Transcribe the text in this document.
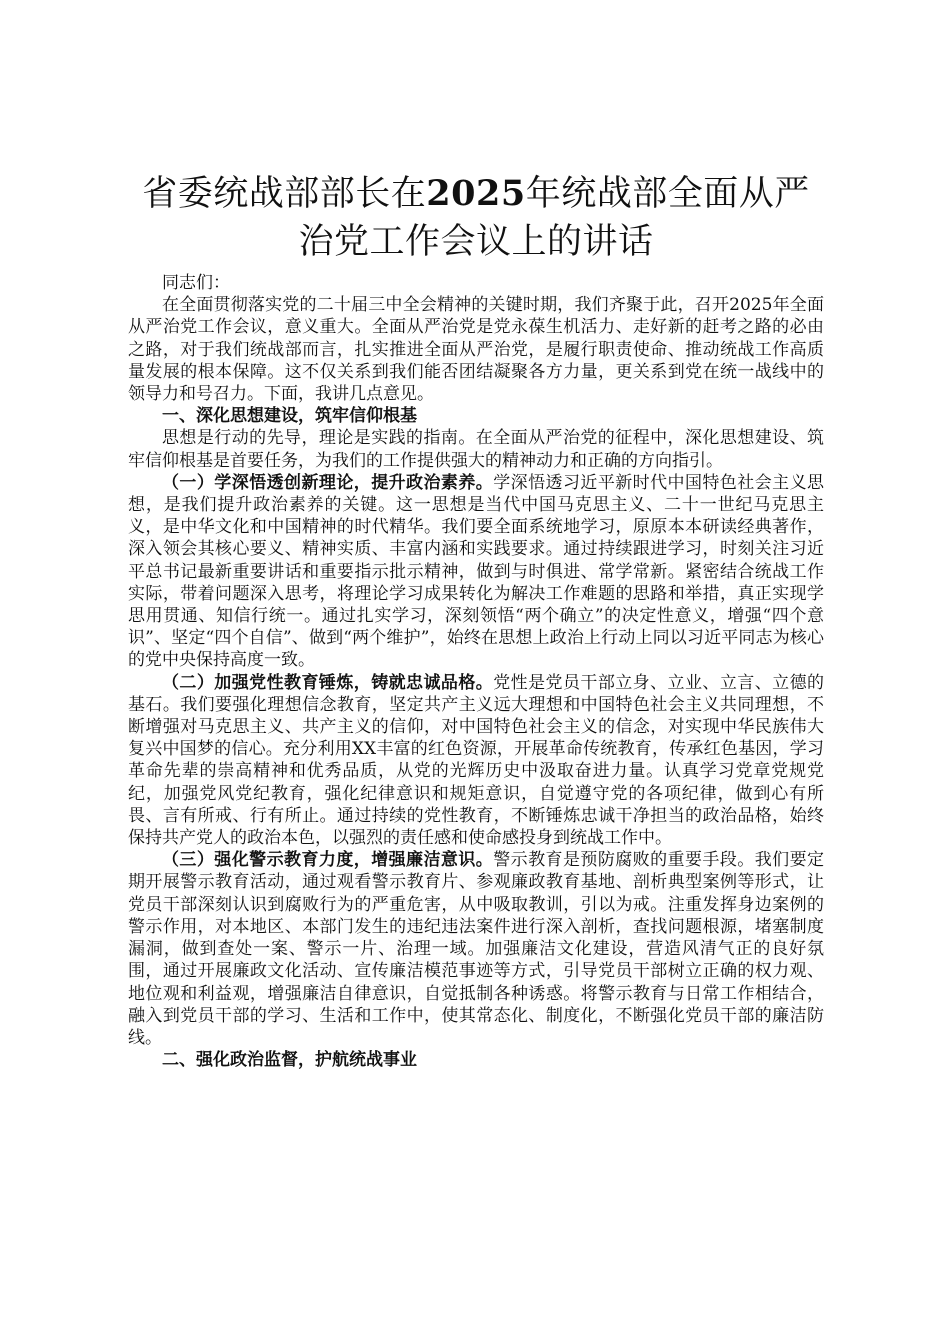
省委统战部部长在2025年统战部全面从严治党工作会议上的讲话

同志们：

在全面贯彻落实党的二十届三中全会精神的关键时期，我们齐聚于此，召开2025年全面从严治党工作会议，意义重大。全面从严治党是党永葆生机活力、走好新的赶考之路的必由之路，对于我们统战部而言，扎实推进全面从严治党，是履行职责使命、推动统战工作高质量发展的根本保障。这不仅关系到我们能否团结凝聚各方力量，更关系到党在统一战线中的领导力和号召力。下面，我讲几点意见。

一、深化思想建设，筑牢信仰根基

思想是行动的先导，理论是实践的指南。在全面从严治党的征程中，深化思想建设、筑牢信仰根基是首要任务，为我们的工作提供强大的精神动力和正确的方向指引。

（一）学深悟透创新理论，提升政治素养。学深悟透习近平新时代中国特色社会主义思想，是我们提升政治素养的关键。这一思想是当代中国马克思主义、二十一世纪马克思主义，是中华文化和中国精神的时代精华。我们要全面系统地学习，原原本本研读经典著作，深入领会其核心要义、精神实质、丰富内涵和实践要求。通过持续跟进学习，时刻关注习近平总书记最新重要讲话和重要指示批示精神，做到与时俱进、常学常新。紧密结合统战工作实际，带着问题深入思考，将理论学习成果转化为解决工作难题的思路和举措，真正实现学思用贯通、知信行统一。通过扎实学习，深刻领悟“两个确立”的决定性意义，增强“四个意识”、坚定“四个自信”、做到“两个维护”，始终在思想上政治上行动上同以习近平同志为核心的党中央保持高度一致。

（二）加强党性教育锤炼，铸就忠诚品格。党性是党员干部立身、立业、立言、立德的基石。我们要强化理想信念教育，坚定共产主义远大理想和中国特色社会主义共同理想，不断增强对马克思主义、共产主义的信仰，对中国特色社会主义的信念，对实现中华民族伟大复兴中国梦的信心。充分利用XX丰富的红色资源，开展革命传统教育，传承红色基因，学习革命先辈的崇高精神和优秀品质，从党的光辉历史中汲取奋进力量。认真学习党章党规党纪，加强党风党纪教育，强化纪律意识和规矩意识，自觉遵守党的各项纪律，做到心有所畏、言有所戒、行有所止。通过持续的党性教育，不断锤炼忠诚干净担当的政治品格，始终保持共产党人的政治本色，以强烈的责任感和使命感投身到统战工作中。

（三）强化警示教育力度，增强廉洁意识。警示教育是预防腐败的重要手段。我们要定期开展警示教育活动，通过观看警示教育片、参观廉政教育基地、剖析典型案例等形式，让党员干部深刻认识到腐败行为的严重危害，从中吸取教训，引以为戒。注重发挥身边案例的警示作用，对本地区、本部门发生的违纪违法案件进行深入剖析，查找问题根源，堵塞制度漏洞，做到查处一案、警示一片、治理一域。加强廉洁文化建设，营造风清气正的良好氛围，通过开展廉政文化活动、宣传廉洁模范事迹等方式，引导党员干部树立正确的权力观、地位观和利益观，增强廉洁自律意识，自觉抵制各种诱惑。将警示教育与日常工作相结合，融入到党员干部的学习、生活和工作中，使其常态化、制度化，不断强化党员干部的廉洁防线。

二、强化政治监督，护航统战事业
